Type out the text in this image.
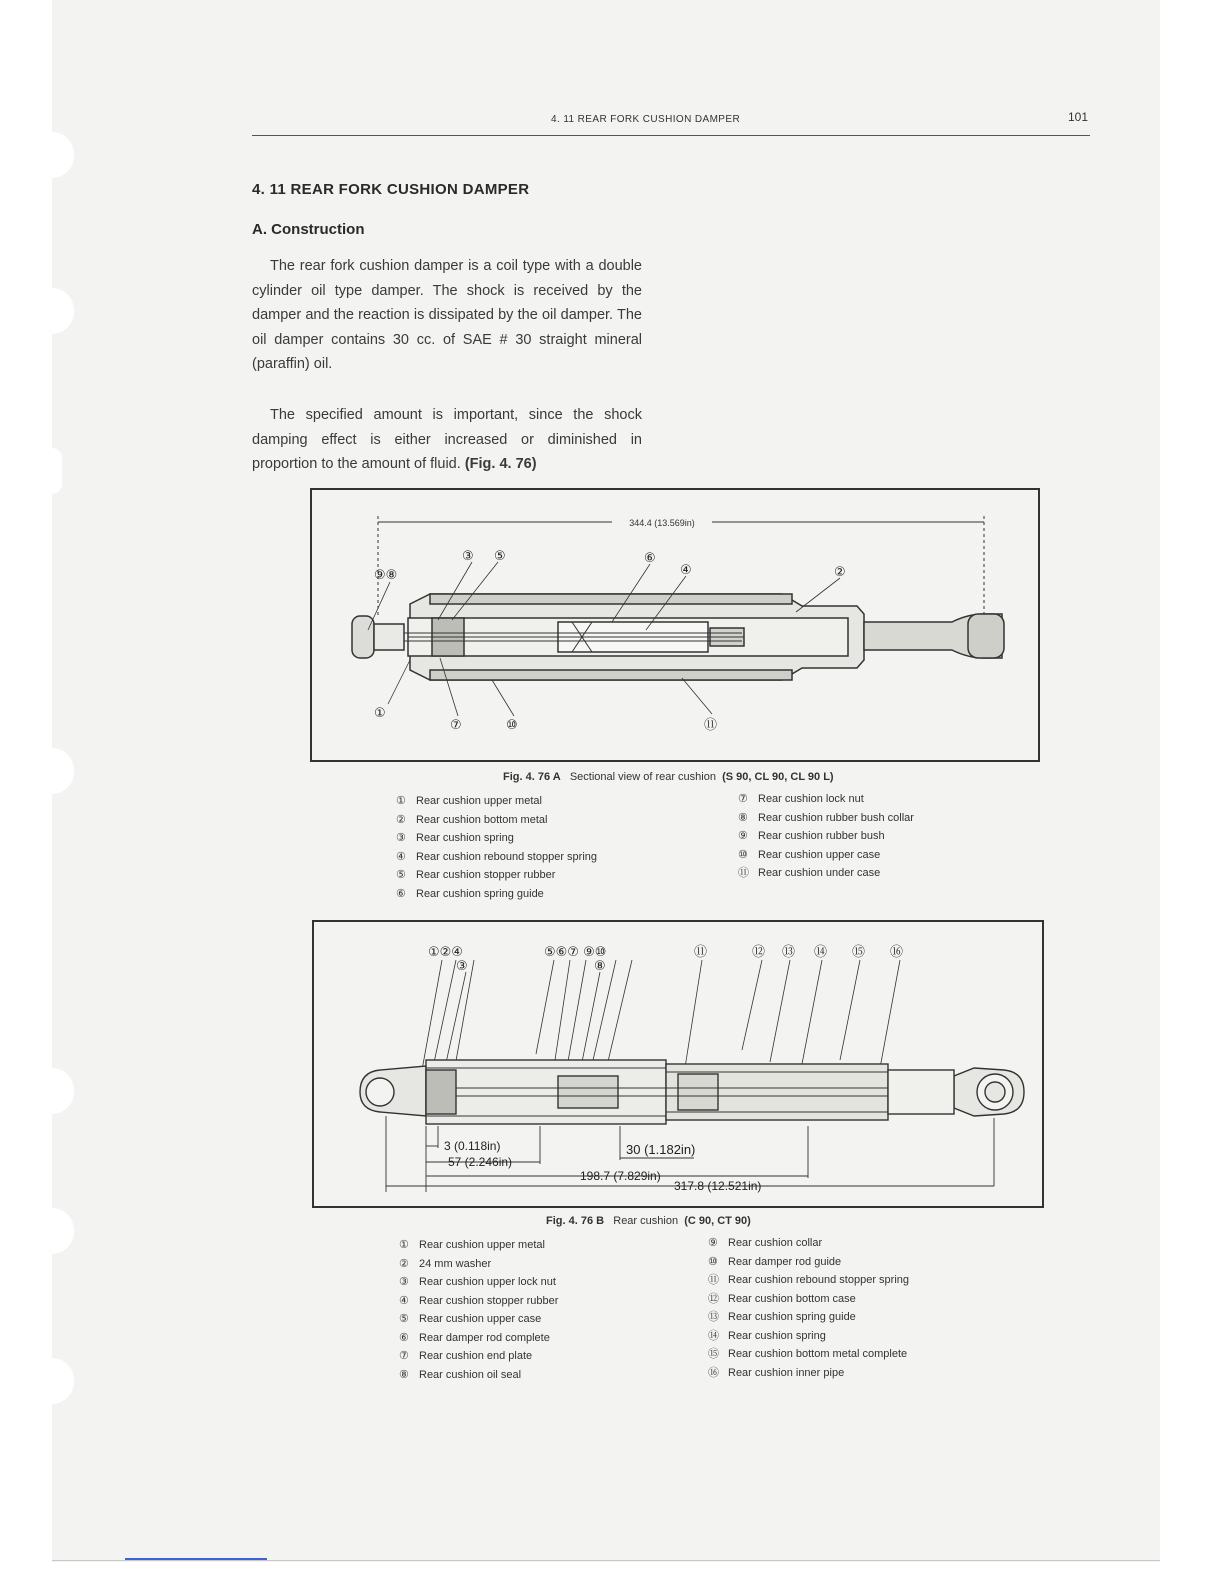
4. 11 REAR FORK CUSHION DAMPER	101
4. 11 REAR FORK CUSHION DAMPER
A. Construction

The rear fork cushion damper is a coil type with a double cylinder oil type damper. The shock is received by the damper and the reaction is dissipated by the oil damper. The oil damper contains 30 cc. of SAE # 30 straight mineral (paraffin) oil.

The specified amount is important, since the shock damping effect is either increased or diminished in proportion to the amount of fluid. (Fig. 4. 76)

344.4 (13.569in)
⑨⑧
③ ⑤	⑥
④	②
①
⑦	⑩	⑪
Fig. 4. 76 A Sectional view of rear cushion (S 90, CL 90, CL 90 L)
① Rear cushion upper metal
② Rear cushion bottom metal
③ Rear cushion spring
④ Rear cushion rebound stopper spring
⑤ Rear cushion stopper rubber
⑥ Rear cushion spring guide
⑦ Rear cushion lock nut
⑧ Rear cushion rubber bush collar
⑨ Rear cushion rubber bush
⑩ Rear cushion upper case
⑪ Rear cushion under case
3 (0.118in)
57 (2.246in)
30 (1.182in)
198.7 (7.829in)
317.8 (12.521in)
①②④
③
⑤⑥⑦ ⑨⑩
⑧
⑪	⑫ ⑬ ⑭ ⑮ ⑯
Fig. 4. 76 B Rear cushion (C 90, CT 90)
① Rear cushion upper metal
② 24 mm washer
③ Rear cushion upper lock nut
④ Rear cushion stopper rubber
⑤ Rear cushion upper case
⑥ Rear damper rod complete
⑦ Rear cushion end plate
⑧ Rear cushion oil seal
⑨ Rear cushion collar
⑩ Rear damper rod guide
⑪ Rear cushion rebound stopper spring
⑫ Rear cushion bottom case
⑬ Rear cushion spring guide
⑭ Rear cushion spring
⑮ Rear cushion bottom metal complete
⑯ Rear cushion inner pipe
